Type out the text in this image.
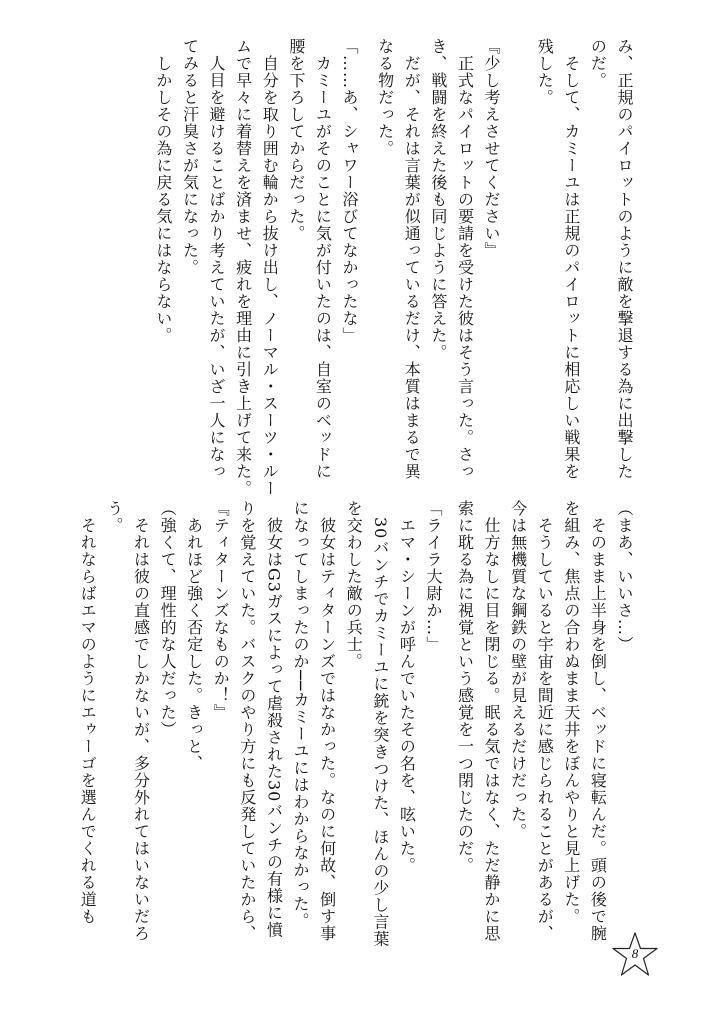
み、正規のパイロットのように敵を撃退する為に出撃した
のだ。
　そして、カミーユは正規のパイロットに相応しい戦果を
残した。

『少し考えさせてください』
　正式なパイロットの要請を受けた彼はそう言った。さっ
き、戦闘を終えた後も同じように答えた。
　だが、それは言葉が似通っているだけ、本質はまるで異
なる物だった。
「……あ、シャワー浴びてなかったな」
　カミーユがそのことに気が付いたのは、自室のベッドに
腰を下ろしてからだった。
　自分を取り囲む輪から抜け出し、ノーマル・スーツ・ルー
ムで早々に着替えを済ませ、疲れを理由に引き上げて来た。
　人目を避けることばかり考えていたが、いざ一人になっ
てみると汗臭さが気になった。
　しかしその為に戻る気にはならない。
（まあ、いいさ…）
　そのまま上半身を倒し、ベッドに寝転んだ。頭の後で腕
を組み、焦点の合わぬまま天井をぼんやりと見上げた。
　そうしていると宇宙を間近に感じられることがあるが、
今は無機質な鋼鉄の壁が見えるだけだった。
　仕方なしに目を閉じる。眠る気ではなく、ただ静かに思
索に耽る為に視覚という感覚を一つ閉じたのだ。
「ライラ大尉か…」
　エマ・シーンが呼んでいたその名を、呟いた。
　30バンチでカミーユに銃を突きつけた、ほんの少し言葉
を交わした敵の兵士。
　彼女はティターンズではなかった。なのに何故、倒す事
になってしまったのか──カミーユにはわからなかった。
　彼女はG3ガスによって虐殺された30バンチの有様に憤
りを覚えていた。バスクのやり方にも反発していたから、
『ティターンズなものか！』
　あれほど強く否定した。きっと、
（強くて、理性的な人だった）
　それは彼の直感でしかないが、多分外れてはいないだろ
う。
　それならばエマのようにエゥーゴを選んでくれる道も
8
